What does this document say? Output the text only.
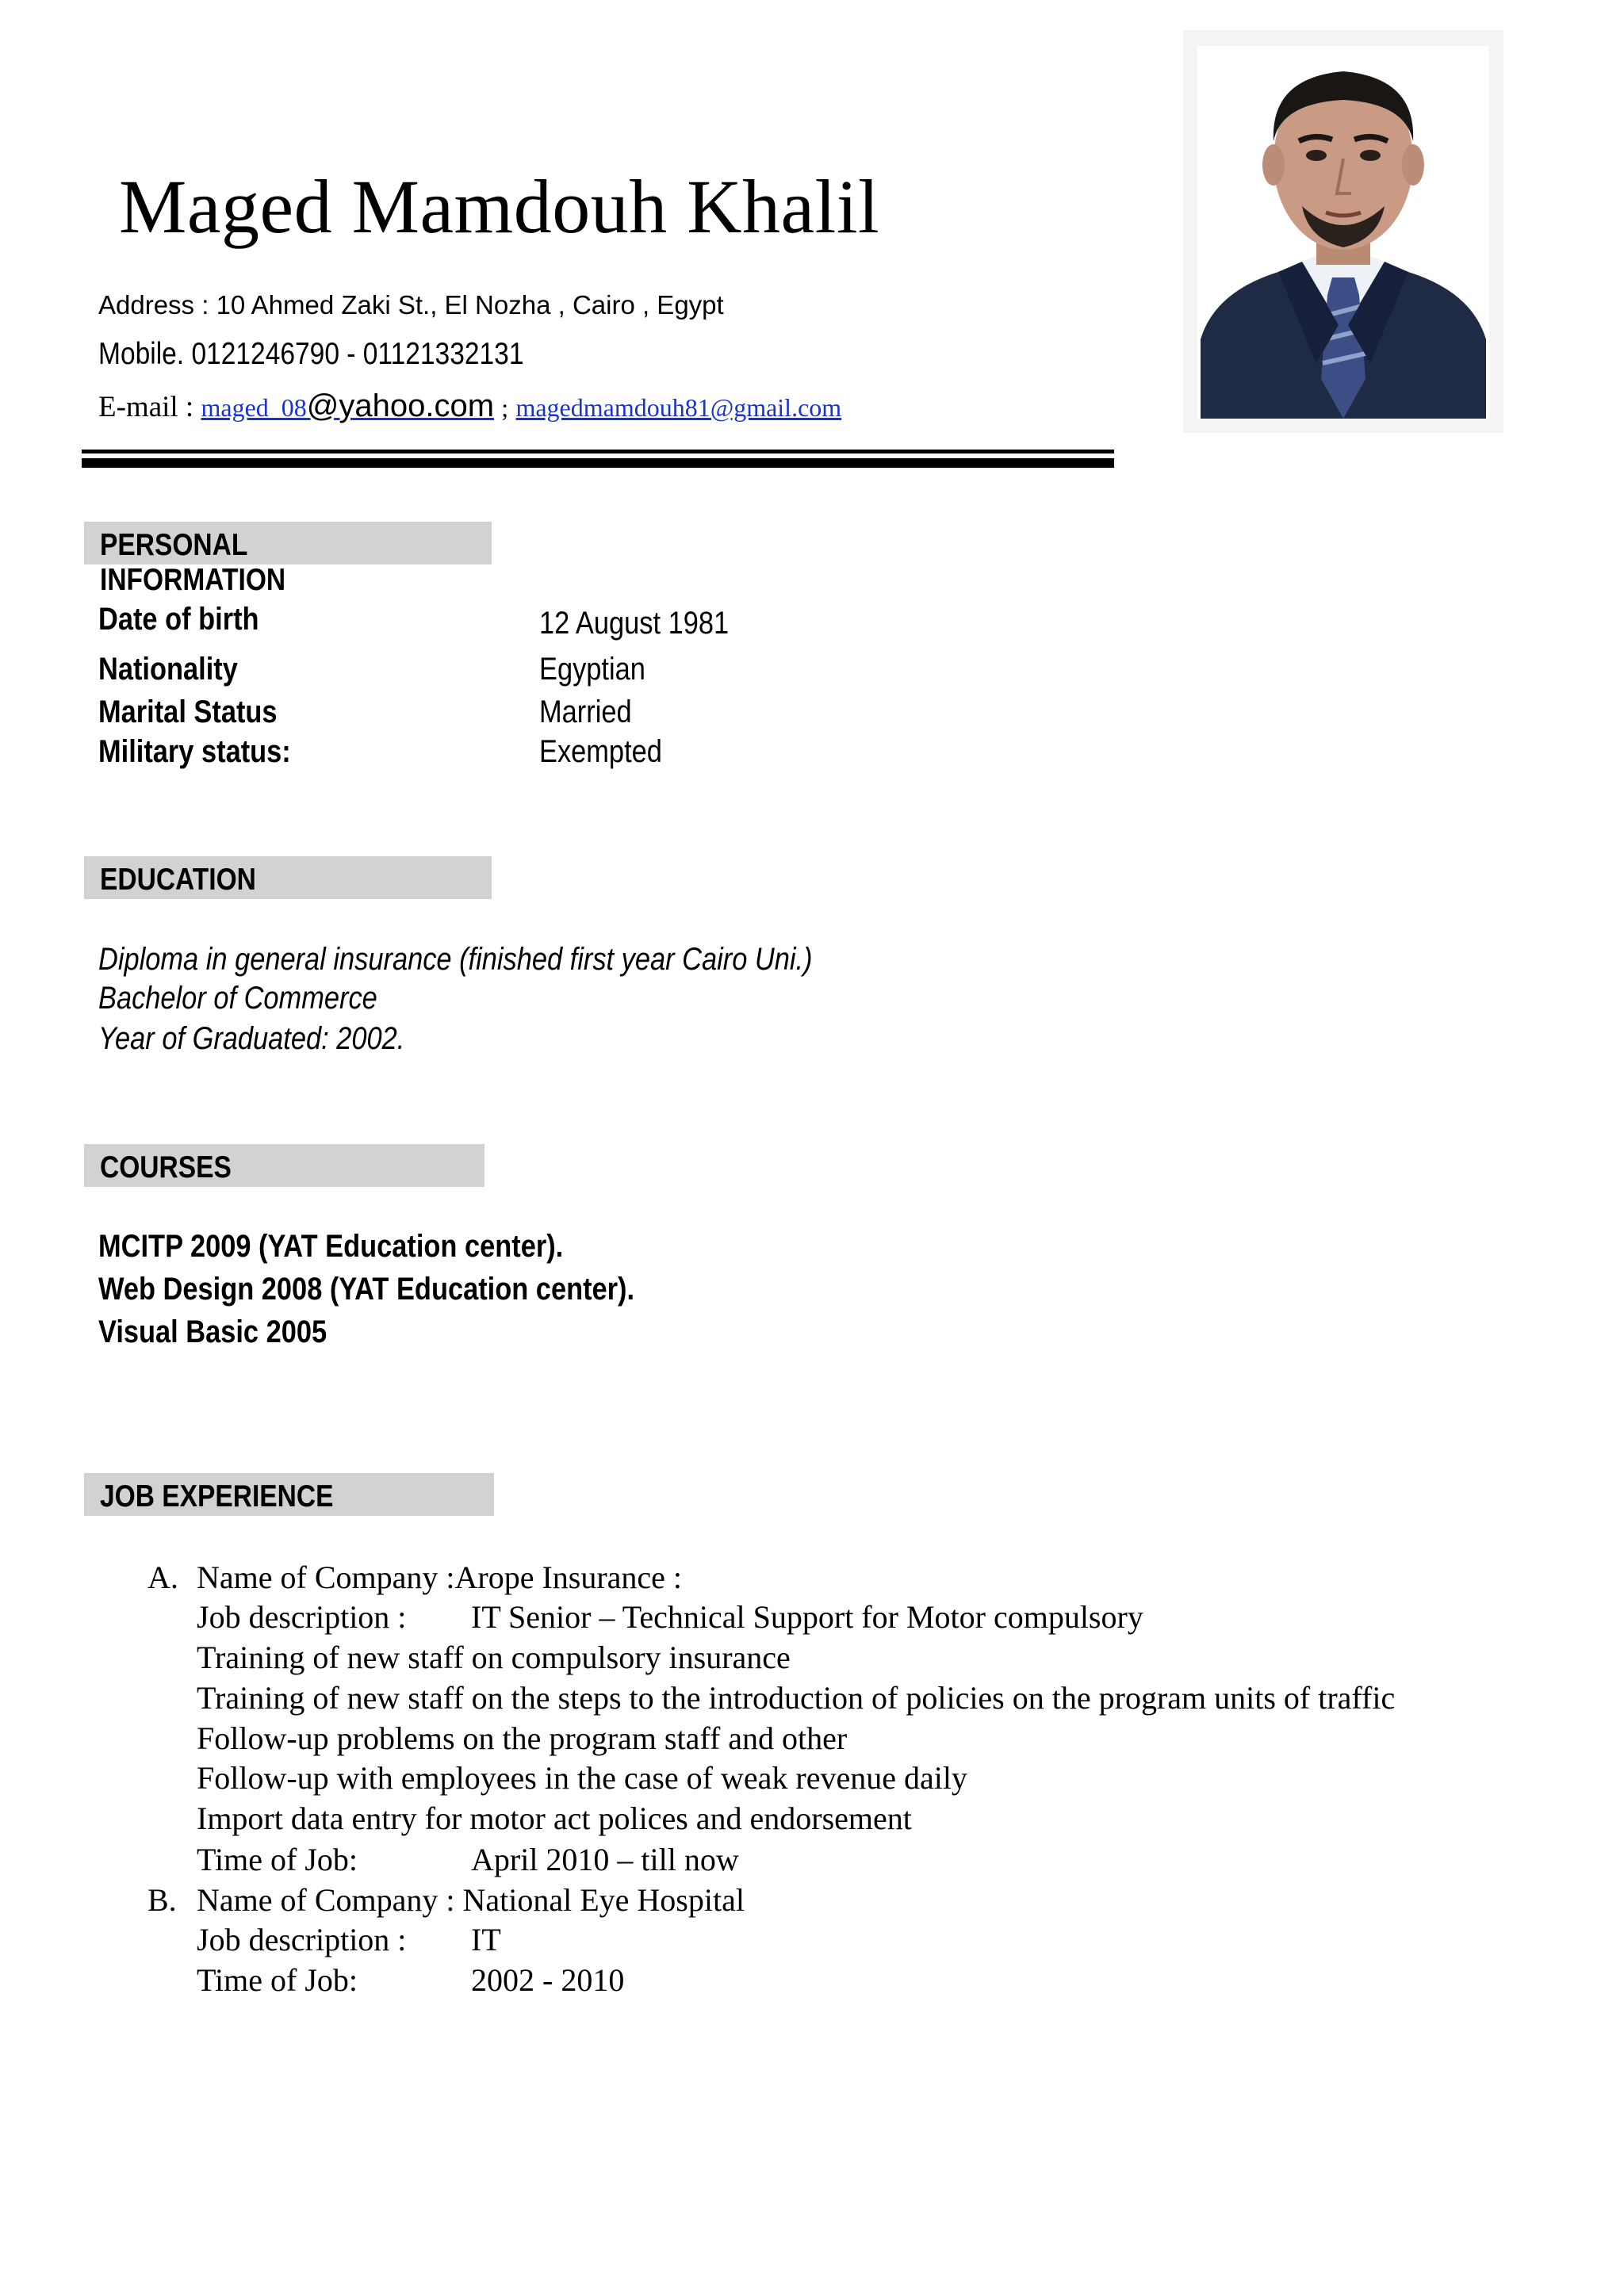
Maged Mamdouh Khalil
Address : 10 Ahmed Zaki St., El Nozha , Cairo , Egypt
Mobile. 0121246790 - 01121332131
E-mail : maged_08@yahoo.com ; magedmamdouh81@gmail.com
PERSONAL INFORMATION
Date of birth	12 August 1981
Nationality	Egyptian
Marital Status	Married
Military status:	Exempted
EDUCATION
Diploma in general insurance (finished first year Cairo Uni.)
Bachelor of Commerce
Year of Graduated: 2002.
COURSES
MCITP 2009 (YAT Education center).
Web Design 2008 (YAT Education center).
Visual Basic 2005
JOB EXPERIENCE
A. Name of Company :Arope Insurance :
Job description : IT Senior – Technical Support for Motor compulsory
Training of new staff on compulsory insurance
Training of new staff on the steps to the introduction of policies on the program units of traffic
Follow-up problems on the program staff and other
Follow-up with employees in the case of weak revenue daily
Import data entry for motor act polices and endorsement
Time of Job:	April 2010 – till now
B. Name of Company : National Eye Hospital
Job description : IT
Time of Job:	2002 - 2010
